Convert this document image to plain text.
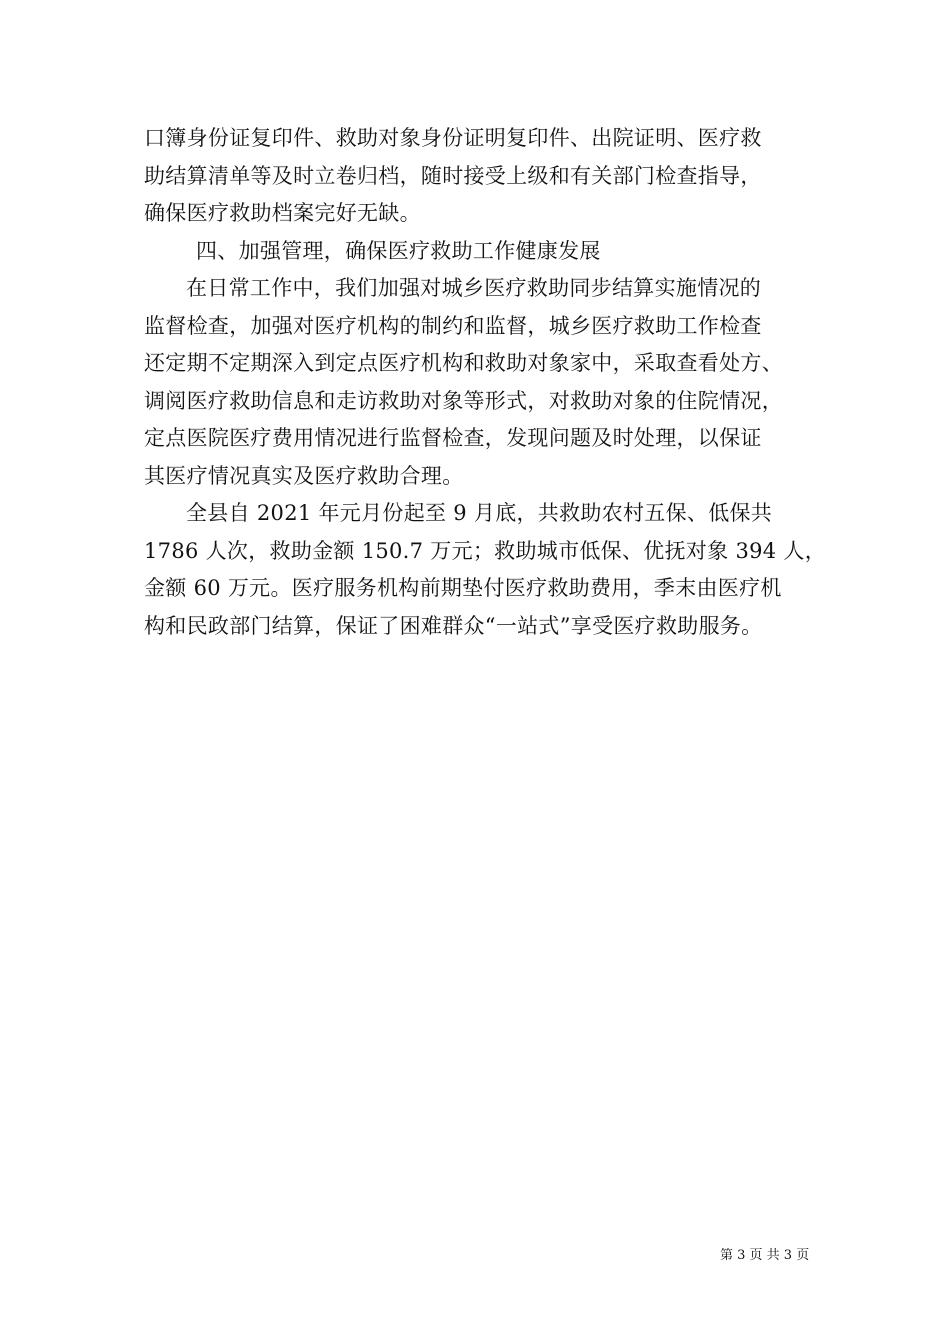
口簿身份证复印件、救助对象身份证明复印件、出院证明、医疗救
助结算清单等及时立卷归档，随时接受上级和有关部门检查指导，
确保医疗救助档案完好无缺。
四、加强管理，确保医疗救助工作健康发展
在日常工作中，我们加强对城乡医疗救助同步结算实施情况的
监督检查，加强对医疗机构的制约和监督，城乡医疗救助工作检查
还定期不定期深入到定点医疗机构和救助对象家中，采取查看处方、
调阅医疗救助信息和走访救助对象等形式，对救助对象的住院情况，
定点医院医疗费用情况进行监督检查，发现问题及时处理，以保证
其医疗情况真实及医疗救助合理。
全县自 2021 年元月份起至 9 月底，共救助农村五保、低保共
1786 人次，救助金额 150.7 万元；救助城市低保、优抚对象 394 人，
金额 60 万元。医疗服务机构前期垫付医疗救助费用，季末由医疗机
构和民政部门结算，保证了困难群众“一站式”享受医疗救助服务。
第 3 页 共 3 页
